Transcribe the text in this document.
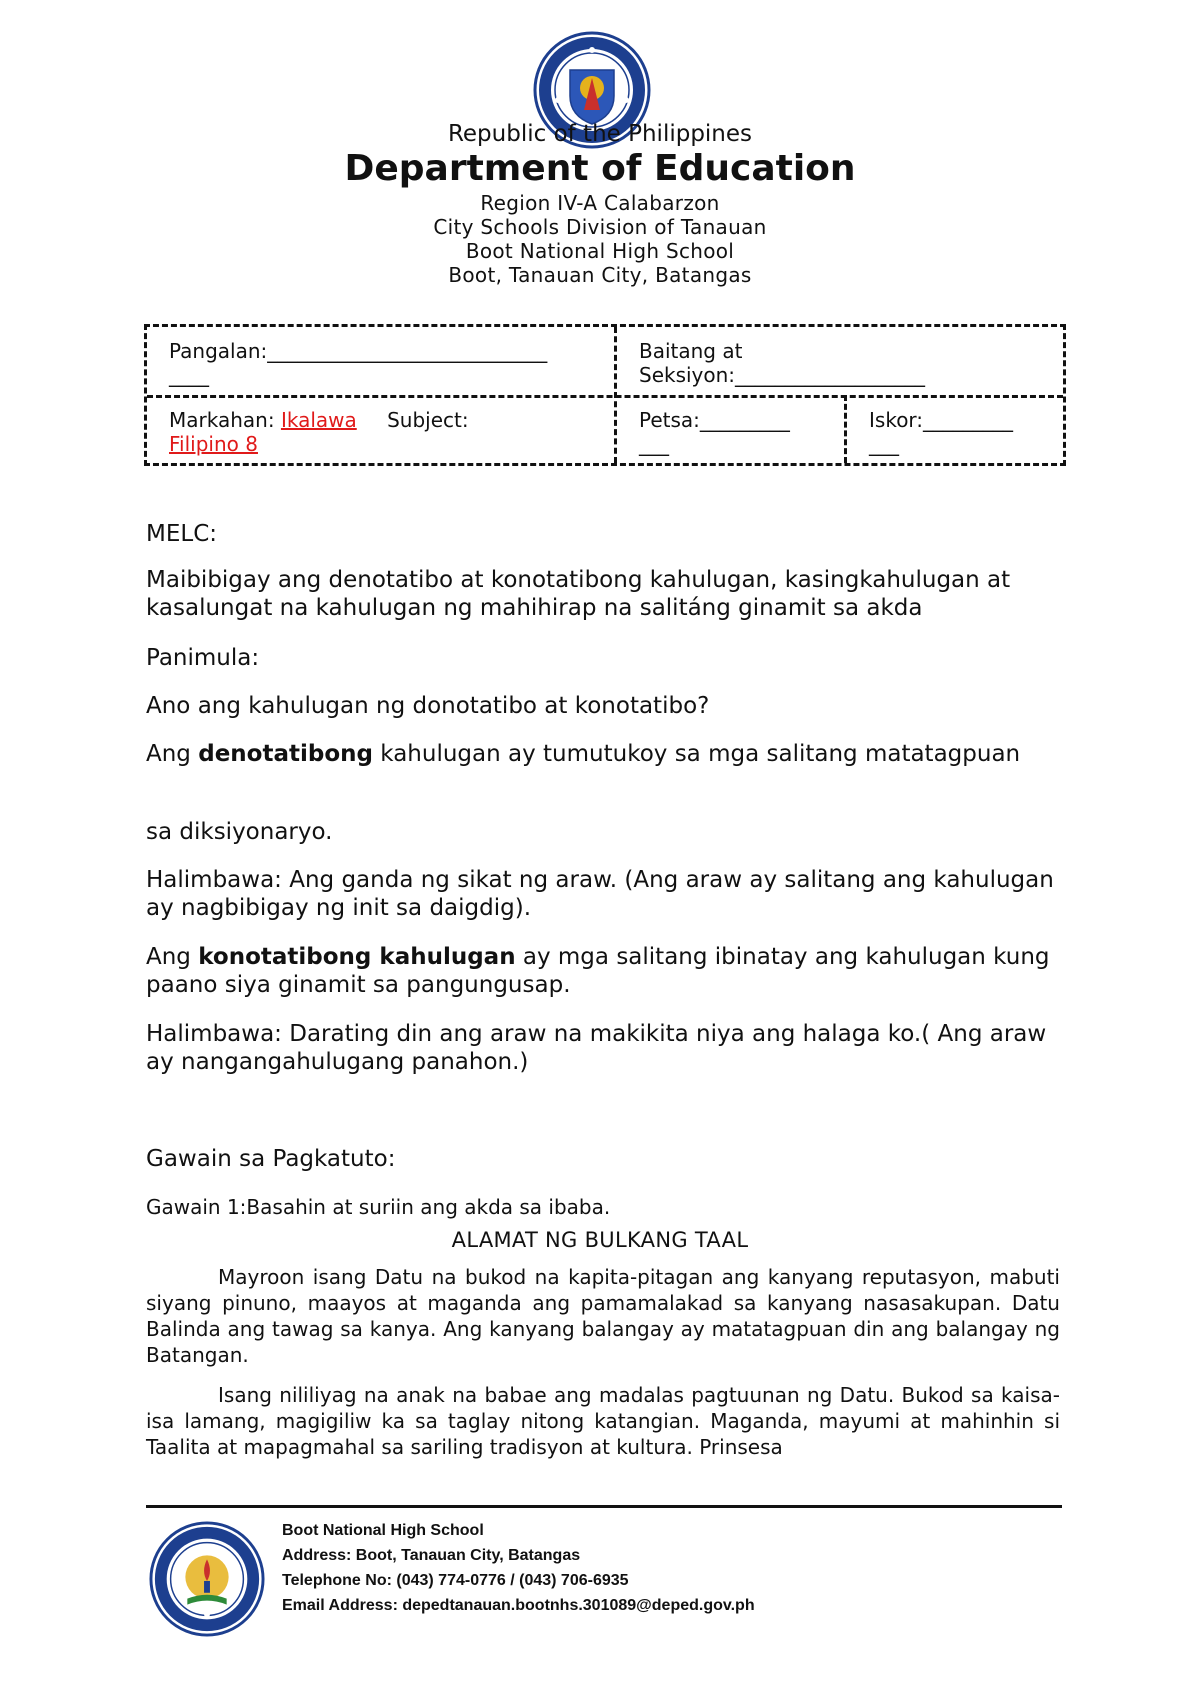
Republic of the Philippines
Department of Education
Region IV-A Calabarzon
City Schools Division of Tanauan
Boot National High School
Boot, Tanauan City, Batangas
Pangalan:____________________________
____
Baitang at
Seksiyon:___________________
Markahan: Ikalawa Subject:
Filipino 8
Petsa:_________
___
Iskor:_________
___
MELC:
Maibibigay ang denotatibo at konotatibong kahulugan, kasingkahulugan at kasalungat na kahulugan ng mahihirap na salitáng ginamit sa akda
Panimula:
Ano ang kahulugan ng donotatibo at konotatibo?
Ang denotatibong kahulugan ay tumutukoy sa mga salitang matatagpuan
sa diksiyonaryo.
Halimbawa: Ang ganda ng sikat ng araw. (Ang araw ay salitang ang kahulugan ay nagbibigay ng init sa daigdig).
Ang konotatibong kahulugan ay mga salitang ibinatay ang kahulugan kung paano siya ginamit sa pangungusap.
Halimbawa: Darating din ang araw na makikita niya ang halaga ko.( Ang araw ay nangangahulugang panahon.)
Gawain sa Pagkatuto:
Gawain 1:Basahin at suriin ang akda sa ibaba.
ALAMAT NG BULKANG TAAL
Mayroon isang Datu na bukod na kapita-pitagan ang kanyang reputasyon, mabuti siyang pinuno, maayos at maganda ang pamamalakad sa kanyang nasasakupan. Datu Balinda ang tawag sa kanya. Ang kanyang balangay ay matatagpuan din ang balangay ng Batangan.
Isang nililiyag na anak na babae ang madalas pagtuunan ng Datu. Bukod sa kaisa-isa lamang, magigiliw ka sa taglay nitong katangian. Maganda, mayumi at mahinhin si Taalita at mapagmahal sa sariling tradisyon at kultura. Prinsesa
Boot National High School
Address: Boot, Tanauan City, Batangas
Telephone No: (043) 774-0776 / (043) 706-6935
Email Address: depedtanauan.bootnhs.301089@deped.gov.ph
